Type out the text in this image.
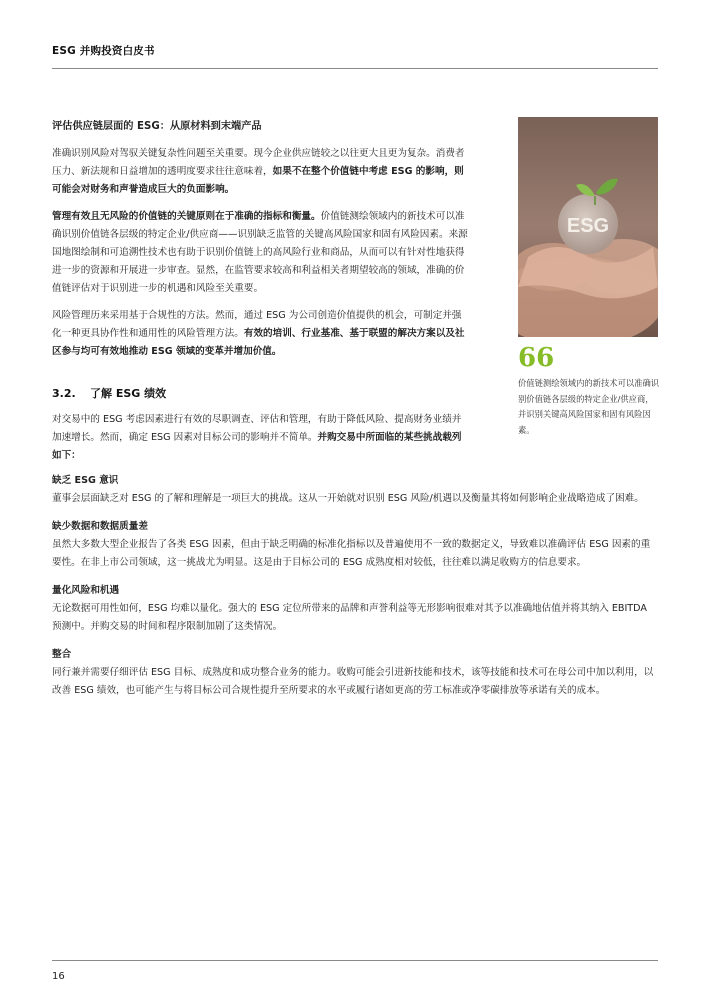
ESG 并购投资白皮书
评估供应链层面的 ESG：从原材料到末端产品

准确识别风险对驾驭关键复杂性问题至关重要。现今企业供应链较之以往更大且更为复杂。消费者压力、新法规和日益增加的透明度要求往往意味着，如果不在整个价值链中考虑 ESG 的影响，则可能会对财务和声誉造成巨大的负面影响。

管理有效且无风险的价值链的关键原则在于准确的指标和衡量。价值链测绘领域内的新技术可以准确识别价值链各层级的特定企业/供应商——识别缺乏监管的关键高风险国家和固有风险因素。来源国地图绘制和可追溯性技术也有助于识别价值链上的高风险行业和商品，从而可以有针对性地获得进一步的资源和开展进一步审查。显然，在监管要求较高和利益相关者期望较高的领域，准确的价值链评估对于识别进一步的机遇和风险至关重要。

风险管理历来采用基于合规性的方法。然而，通过 ESG 为公司创造价值提供的机会，可制定并强化一种更具协作性和通用性的风险管理方法。有效的培训、行业基准、基于联盟的解决方案以及社区参与均可有效地推动 ESG 领域的变革并增加价值。

3.2. 了解 ESG 绩效

对交易中的 ESG 考虑因素进行有效的尽职调查、评估和管理，有助于降低风险、提高财务业绩并加速增长。然而，确定 ESG 因素对目标公司的影响并不简单。并购交易中所面临的某些挑战载列如下：

缺乏 ESG 意识

董事会层面缺乏对 ESG 的了解和理解是一项巨大的挑战。这从一开始就对识别 ESG 风险/机遇以及衡量其将如何影响企业战略造成了困难。

缺少数据和数据质量差

虽然大多数大型企业报告了各类 ESG 因素，但由于缺乏明确的标准化指标以及普遍使用不一致的数据定义，导致难以准确评估 ESG 因素的重要性。在非上市公司领域，这一挑战尤为明显。这是由于目标公司的 ESG 成熟度相对较低，往往难以满足收购方的信息要求。

量化风险和机遇

无论数据可用性如何，ESG 均难以量化。强大的 ESG 定位所带来的品牌和声誉利益等无形影响很难对其予以准确地估值并将其纳入 EBITDA 预测中。并购交易的时间和程序限制加剧了这类情况。

整合

同行兼并需要仔细评估 ESG 目标、成熟度和成功整合业务的能力。收购可能会引进新技能和技术，该等技能和技术可在母公司中加以利用，以改善 ESG 绩效，也可能产生与将目标公司合规性提升至所要求的水平或履行诸如更高的劳工标准或净零碳排放等承诺有关的成本。

ESG
66
价值链测绘领域内的新技术可以准确识别价值链各层级的特定企业/供应商，并识别关键高风险国家和固有风险因素。
16
